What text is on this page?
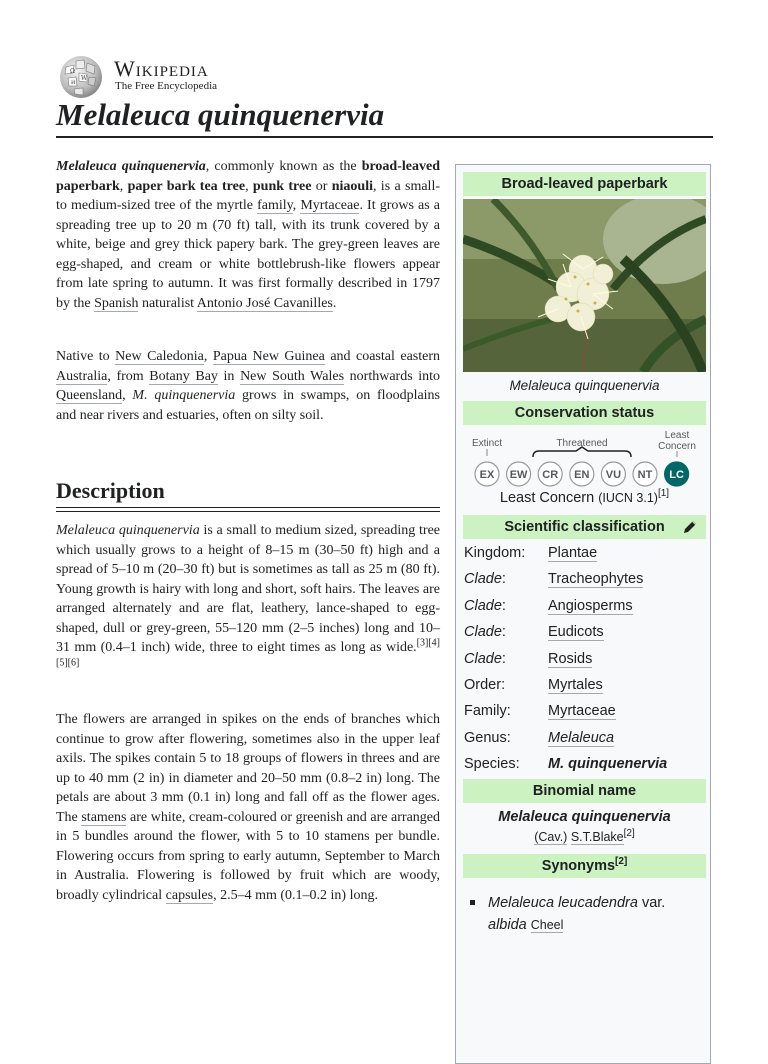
Ω
W
И
Wikipedia
The Free Encyclopedia
Melaleuca quinquenervia

Melaleuca quinquenervia, commonly known as the broad-leaved paperbark, paper bark tea tree, punk tree or niaouli, is a small- to medium-sized tree of the myrtle family, Myrtaceae. It grows as a spreading tree up to 20 m (70 ft) tall, with its trunk covered by a white, beige and grey thick papery bark. The grey-green leaves are egg-shaped, and cream or white bottlebrush-like flowers appear from late spring to autumn. It was first formally described in 1797 by the Spanish naturalist Antonio José Cavanilles.

Native to New Caledonia, Papua New Guinea and coastal eastern Australia, from Botany Bay in New South Wales northwards into Queensland, M. quinquenervia grows in swamps, on floodplains and near rivers and estuaries, often on silty soil.

Description

Melaleuca quinquenervia is a small to medium sized, spreading tree which usually grows to a height of 8–15 m (30–50 ft) high and a spread of 5–10 m (20–30 ft) but is sometimes as tall as 25 m (80 ft). Young growth is hairy with long and short, soft hairs. The leaves are arranged alternately and are flat, leathery, lance-shaped to egg-shaped, dull or grey-green, 55–120 mm (2–5 inches) long and 10–31 mm (0.4–1 inch) wide, three to eight times as long as wide.[3][4][5][6]

The flowers are arranged in spikes on the ends of branches which continue to grow after flowering, sometimes also in the upper leaf axils. The spikes contain 5 to 18 groups of flowers in threes and are up to 40 mm (2 in) in diameter and 20–50 mm (0.8–2 in) long. The petals are about 3 mm (0.1 in) long and fall off as the flower ages. The stamens are white, cream-coloured or greenish and are arranged in 5 bundles around the flower, with 5 to 10 stamens per bundle. Flowering occurs from spring to early autumn, September to March in Australia. Flowering is followed by fruit which are woody, broadly cylindrical capsules, 2.5–4 mm (0.1–0.2 in) long.

Broad-leaved paperbark
Melaleuca quinquenervia
Conservation status
Extinct	Threatened
Least
Concern
EX EW CR EN VU NT LC
Least Concern (IUCN 3.1)[1]
Scientific classification
Kingdom: Plantae
Clade:	Tracheophytes
Clade:	Angiosperms
Clade:	Eudicots
Clade:	Rosids
Order:	Myrtales
Family:	Myrtaceae
Genus:	Melaleuca
Species: M. quinquenervia
Binomial name
Melaleuca quinquenervia
(Cav.) S.T.Blake[2]
Synonyms[2]
Melaleuca leucadendra var. albida Cheel
